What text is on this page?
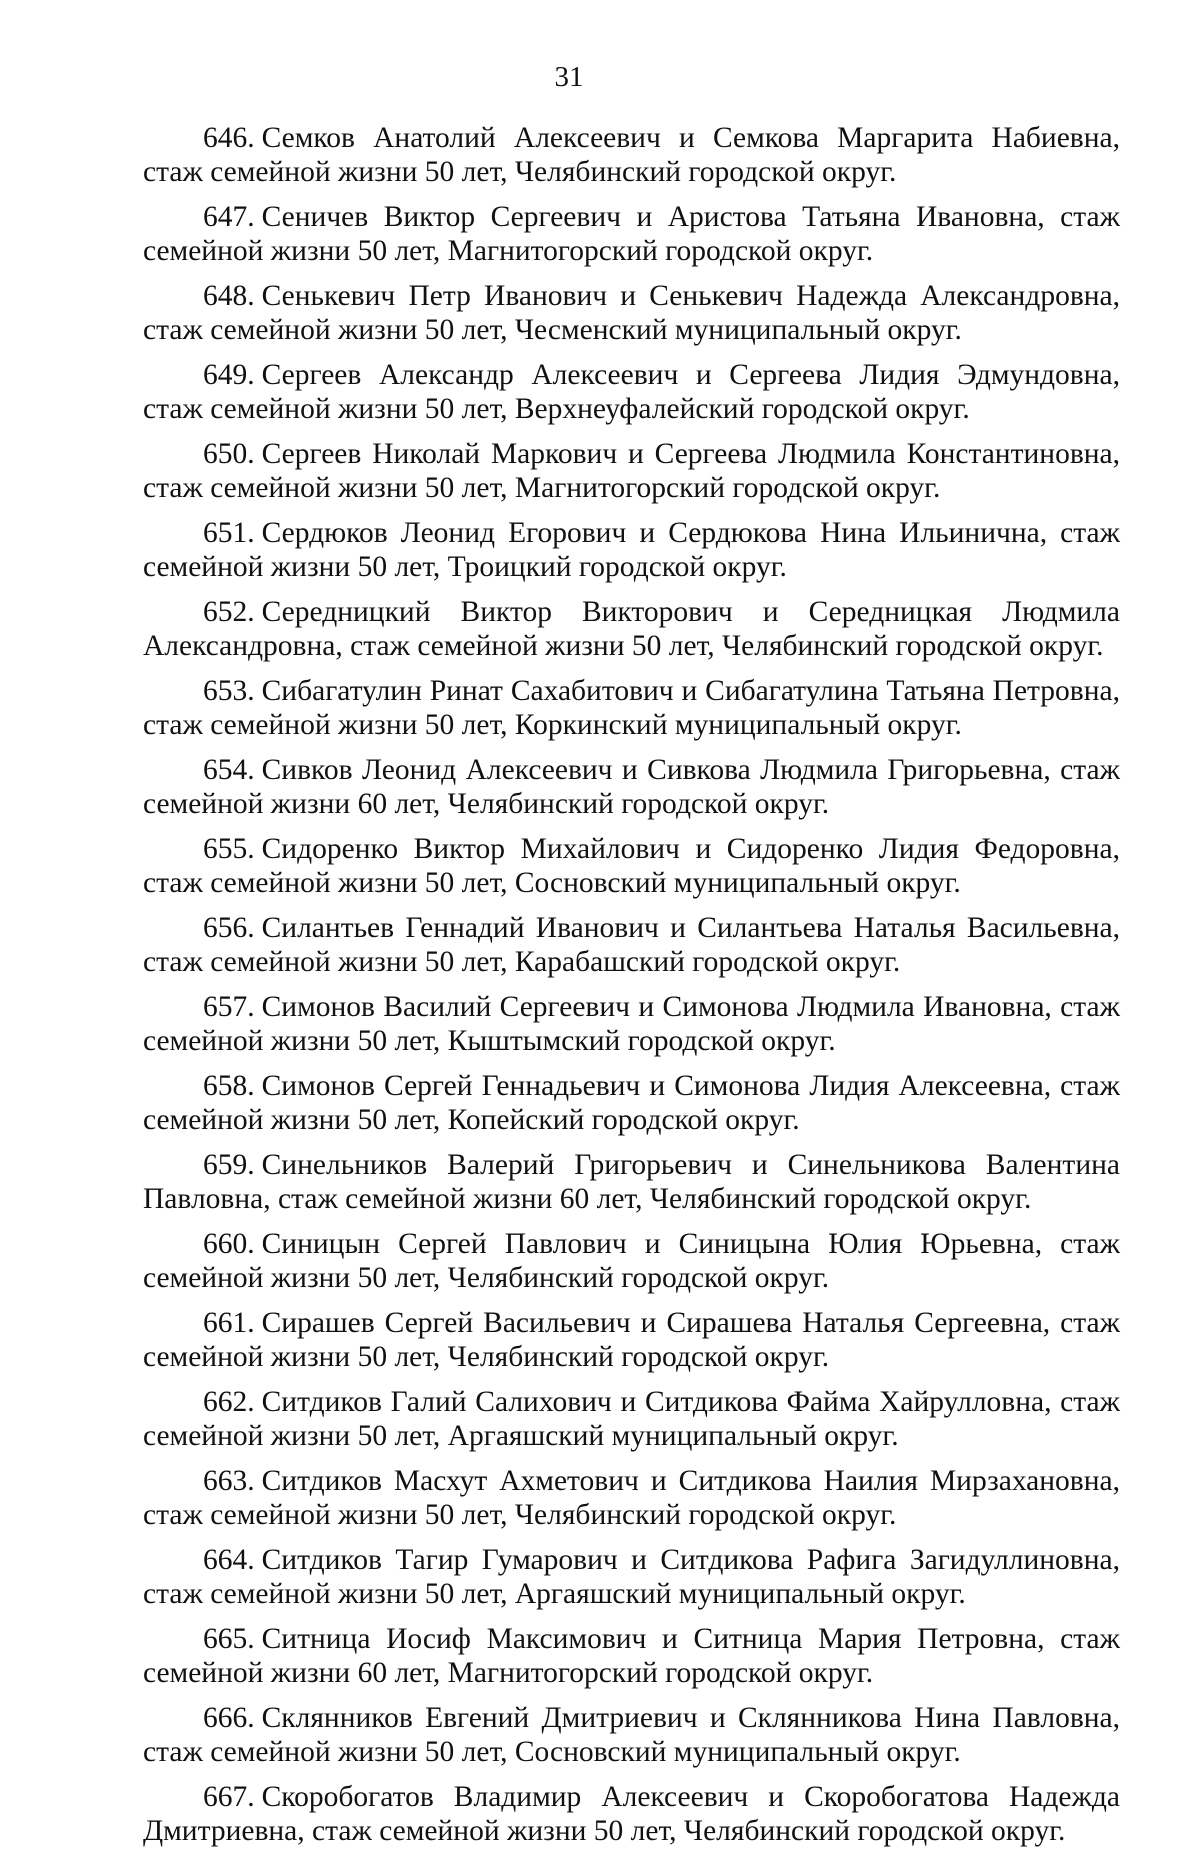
31

646. Семков Анатолий Алексеевич и Семкова Маргарита Набиевна, стаж семейной жизни 50 лет, Челябинский городской округ.

647. Сеничев Виктор Сергеевич и Аристова Татьяна Ивановна, стаж семейной жизни 50 лет, Магнитогорский городской округ.

648. Сенькевич Петр Иванович и Сенькевич Надежда Александровна, стаж семейной жизни 50 лет, Чесменский муниципальный округ.

649. Сергеев Александр Алексеевич и Сергеева Лидия Эдмундовна, стаж семейной жизни 50 лет, Верхнеуфалейский городской округ.

650. Сергеев Николай Маркович и Сергеева Людмила Константиновна, стаж семейной жизни 50 лет, Магнитогорский городской округ.

651. Сердюков Леонид Егорович и Сердюкова Нина Ильинична, стаж семейной жизни 50 лет, Троицкий городской округ.

652. Середницкий Виктор Викторович и Середницкая Людмила Александровна, стаж семейной жизни 50 лет, Челябинский городской округ.

653. Сибагатулин Ринат Сахабитович и Сибагатулина Татьяна Петровна, стаж семейной жизни 50 лет, Коркинский муниципальный округ.

654. Сивков Леонид Алексеевич и Сивкова Людмила Григорьевна, стаж семейной жизни 60 лет, Челябинский городской округ.

655. Сидоренко Виктор Михайлович и Сидоренко Лидия Федоровна, стаж семейной жизни 50 лет, Сосновский муниципальный округ.

656. Силантьев Геннадий Иванович и Силантьева Наталья Васильевна, стаж семейной жизни 50 лет, Карабашский городской округ.

657. Симонов Василий Сергеевич и Симонова Людмила Ивановна, стаж семейной жизни 50 лет, Кыштымский городской округ.

658. Симонов Сергей Геннадьевич и Симонова Лидия Алексеевна, стаж семейной жизни 50 лет, Копейский городской округ.

659. Синельников Валерий Григорьевич и Синельникова Валентина Павловна, стаж семейной жизни 60 лет, Челябинский городской округ.

660. Синицын Сергей Павлович и Синицына Юлия Юрьевна, стаж семейной жизни 50 лет, Челябинский городской округ.

661. Сирашев Сергей Васильевич и Сирашева Наталья Сергеевна, стаж семейной жизни 50 лет, Челябинский городской округ.

662. Ситдиков Галий Салихович и Ситдикова Файма Хайрулловна, стаж семейной жизни 50 лет, Аргаяшский муниципальный округ.

663. Ситдиков Масхут Ахметович и Ситдикова Наилия Мирзахановна, стаж семейной жизни 50 лет, Челябинский городской округ.

664. Ситдиков Тагир Гумарович и Ситдикова Рафига Загидуллиновна, стаж семейной жизни 50 лет, Аргаяшский муниципальный округ.

665. Ситница Иосиф Максимович и Ситница Мария Петровна, стаж семейной жизни 60 лет, Магнитогорский городской округ.

666. Склянников Евгений Дмитриевич и Склянникова Нина Павловна, стаж семейной жизни 50 лет, Сосновский муниципальный округ.

667. Скоробогатов Владимир Алексеевич и Скоробогатова Надежда Дмитриевна, стаж семейной жизни 50 лет, Челябинский городской округ.
